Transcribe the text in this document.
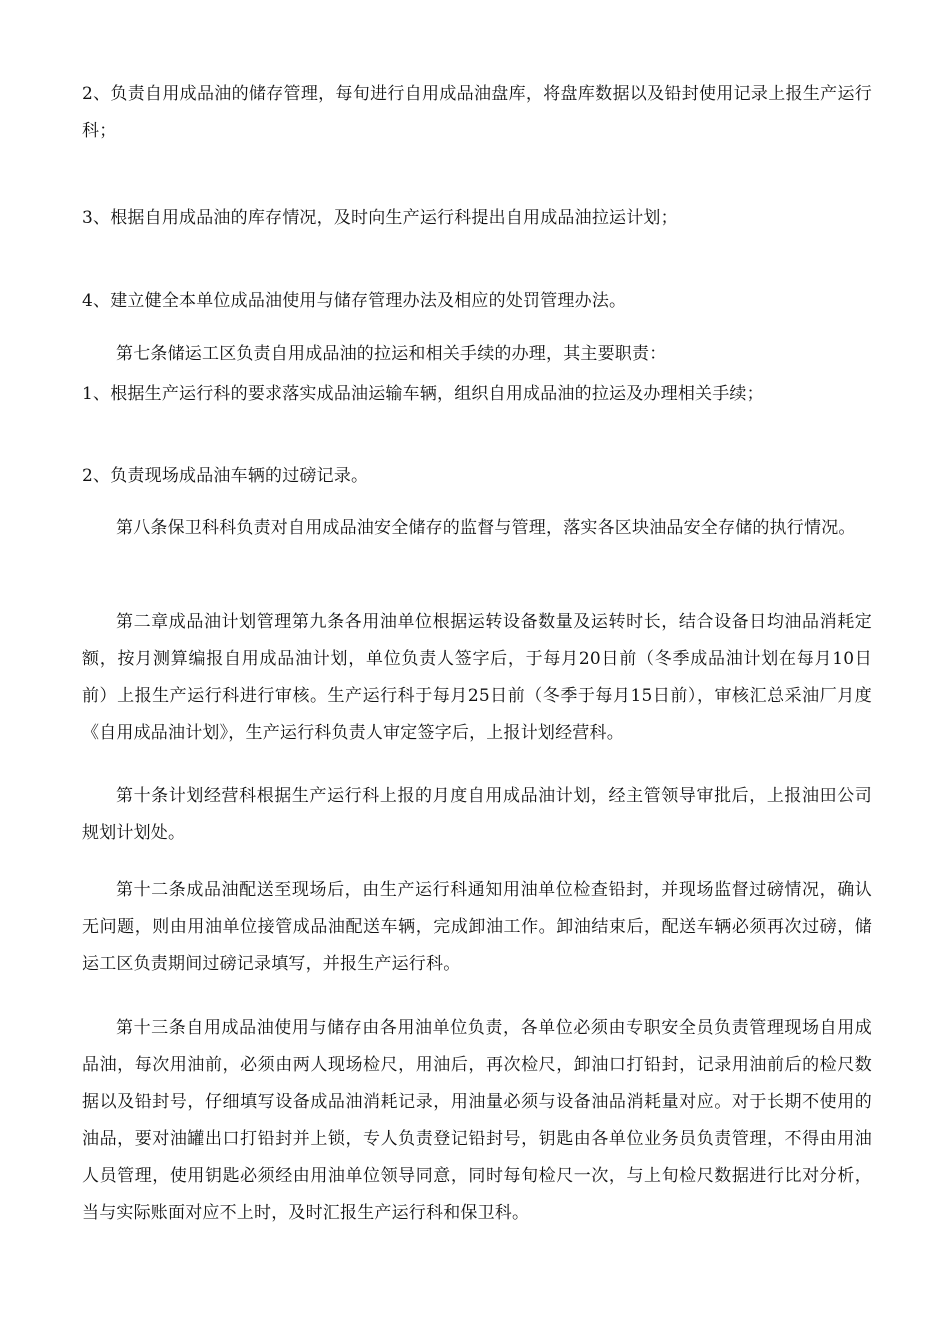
2、负责自用成品油的储存管理，每旬进行自用成品油盘库，将盘库数据以及铅封使用记录上报生产运行科；

3、根据自用成品油的库存情况，及时向生产运行科提出自用成品油拉运计划；

4、建立健全本单位成品油使用与储存管理办法及相应的处罚管理办法。

第七条储运工区负责自用成品油的拉运和相关手续的办理，其主要职责：

1、根据生产运行科的要求落实成品油运输车辆，组织自用成品油的拉运及办理相关手续；

2、负责现场成品油车辆的过磅记录。

第八条保卫科科负责对自用成品油安全储存的监督与管理，落实各区块油品安全存储的执行情况。

第二章成品油计划管理第九条各用油单位根据运转设备数量及运转时长，结合设备日均油品消耗定额，按月测算编报自用成品油计划，单位负责人签字后，于每月20日前（冬季成品油计划在每月10日前）上报生产运行科进行审核。生产运行科于每月25日前（冬季于每月15日前），审核汇总采油厂月度《自用成品油计划》，生产运行科负责人审定签字后，上报计划经营科。

第十条计划经营科根据生产运行科上报的月度自用成品油计划，经主管领导审批后，上报油田公司规划计划处。

第十二条成品油配送至现场后，由生产运行科通知用油单位检查铅封，并现场监督过磅情况，确认无问题，则由用油单位接管成品油配送车辆，完成卸油工作。卸油结束后，配送车辆必须再次过磅，储运工区负责期间过磅记录填写，并报生产运行科。

第十三条自用成品油使用与储存由各用油单位负责，各单位必须由专职安全员负责管理现场自用成品油，每次用油前，必须由两人现场检尺，用油后，再次检尺，卸油口打铅封，记录用油前后的检尺数据以及铅封号，仔细填写设备成品油消耗记录，用油量必须与设备油品消耗量对应。对于长期不使用的油品，要对油罐出口打铅封并上锁，专人负责登记铅封号，钥匙由各单位业务员负责管理，不得由用油人员管理，使用钥匙必须经由用油单位领导同意，同时每旬检尺一次，与上旬检尺数据进行比对分析，当与实际账面对应不上时，及时汇报生产运行科和保卫科。
